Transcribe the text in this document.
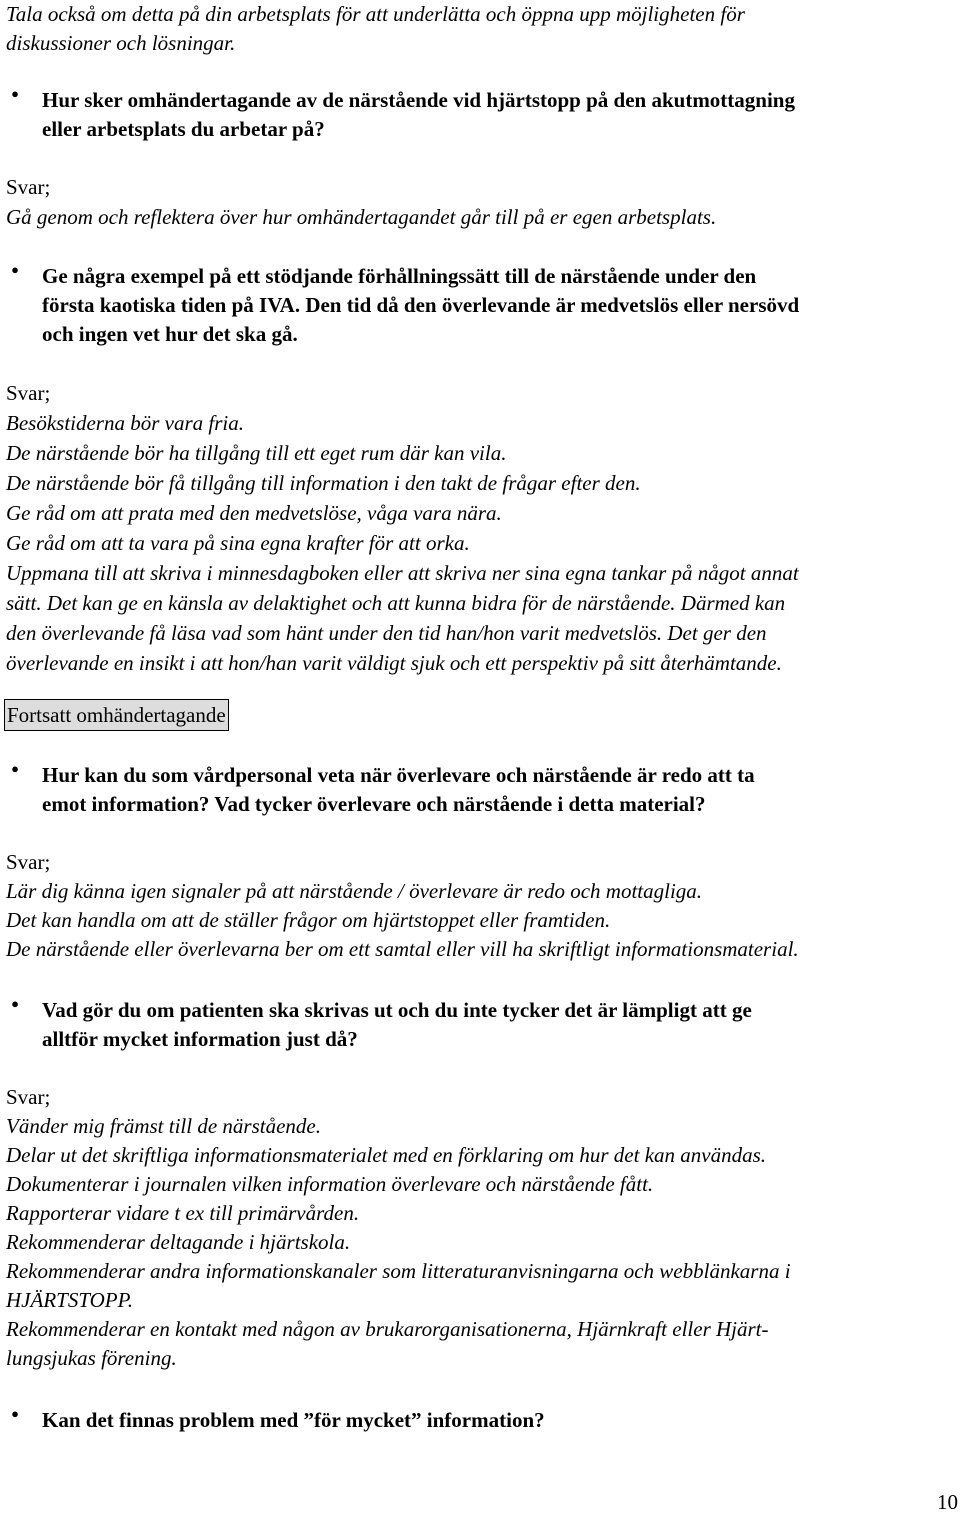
Tala också om detta på din arbetsplats för att underlätta och öppna upp möjligheten för
diskussioner och lösningar.
● Hur sker omhändertagande av de närstående vid hjärtstopp på den akutmottagning
eller arbetsplats du arbetar på?
Svar;
Gå genom och reflektera över hur omhändertagandet går till på er egen arbetsplats.
● Ge några exempel på ett stödjande förhållningssätt till de närstående under den
första kaotiska tiden på IVA. Den tid då den överlevande är medvetslös eller nersövd
och ingen vet hur det ska gå.
Svar;
Besökstiderna bör vara fria.
De närstående bör ha tillgång till ett eget rum där kan vila.
De närstående bör få tillgång till information i den takt de frågar efter den.
Ge råd om att prata med den medvetslöse, våga vara nära.
Ge råd om att ta vara på sina egna krafter för att orka.
Uppmana till att skriva i minnesdagboken eller att skriva ner sina egna tankar på något annat
sätt. Det kan ge en känsla av delaktighet och att kunna bidra för de närstående. Därmed kan
den överlevande få läsa vad som hänt under den tid han/hon varit medvetslös. Det ger den
överlevande en insikt i att hon/han varit väldigt sjuk och ett perspektiv på sitt återhämtande.
Fortsatt omhändertagande
● Hur kan du som vårdpersonal veta när överlevare och närstående är redo att ta
emot information? Vad tycker överlevare och närstående i detta material?
Svar;
Lär dig känna igen signaler på att närstående / överlevare är redo och mottagliga.
Det kan handla om att de ställer frågor om hjärtstoppet eller framtiden.
De närstående eller överlevarna ber om ett samtal eller vill ha skriftligt informationsmaterial.
● Vad gör du om patienten ska skrivas ut och du inte tycker det är lämpligt att ge
alltför mycket information just då?
Svar;
Vänder mig främst till de närstående.
Delar ut det skriftliga informationsmaterialet med en förklaring om hur det kan användas.
Dokumenterar i journalen vilken information överlevare och närstående fått.
Rapporterar vidare t ex till primärvården.
Rekommenderar deltagande i hjärtskola.
Rekommenderar andra informationskanaler som litteraturanvisningarna och webblänkarna i
HJÄRTSTOPP.
Rekommenderar en kontakt med någon av brukarorganisationerna, Hjärnkraft eller Hjärt-
lungsjukas förening.
● Kan det finnas problem med ”för mycket” information?
10
